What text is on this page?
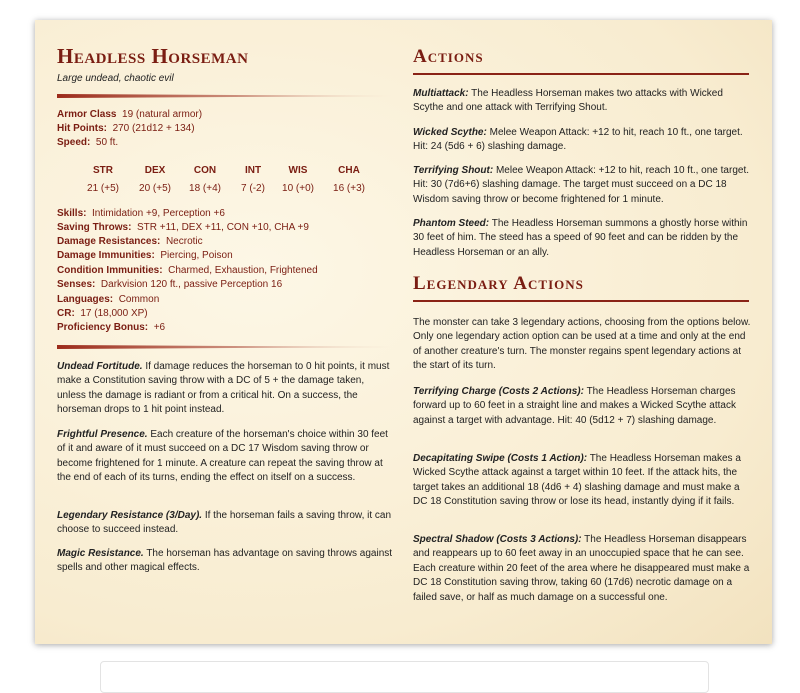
Headless Horseman

Large undead, chaotic evil

Armor Class 19 (natural armor)

Hit Points: 270 (21d12 + 134)

Speed: 50 ft.

STR	DEX	CON	INT	WIS	CHA
21 (+5)	20 (+5)	18 (+4)	7 (-2)	10 (+0)	16 (+3)

Skills: Intimidation +9, Perception +6

Saving Throws: STR +11, DEX +11, CON +10, CHA +9

Damage Resistances: Necrotic

Damage Immunities: Piercing, Poison

Condition Immunities: Charmed, Exhaustion, Frightened

Senses: Darkvision 120 ft., passive Perception 16

Languages: Common

CR: 17 (18,000 XP)

Proficiency Bonus: +6

Undead Fortitude. If damage reduces the horseman to 0 hit points, it must make a Constitution saving throw with a DC of 5 + the damage taken, unless the damage is radiant or from a critical hit. On a success, the horseman drops to 1 hit point instead.

Frightful Presence. Each creature of the horseman's choice within 30 feet of it and aware of it must succeed on a DC 17 Wisdom saving throw or become frightened for 1 minute. A creature can repeat the saving throw at the end of each of its turns, ending the effect on itself on a success.

Legendary Resistance (3/Day). If the horseman fails a saving throw, it can choose to succeed instead.

Magic Resistance. The horseman has advantage on saving throws against spells and other magical effects.

Actions

Multiattack: The Headless Horseman makes two attacks with Wicked Scythe and one attack with Terrifying Shout.

Wicked Scythe: Melee Weapon Attack: +12 to hit, reach 10 ft., one target. Hit: 24 (5d6 + 6) slashing damage.

Terrifying Shout: Melee Weapon Attack: +12 to hit, reach 10 ft., one target. Hit: 30 (7d6+6) slashing damage. The target must succeed on a DC 18 Wisdom saving throw or become frightened for 1 minute.

Phantom Steed: The Headless Horseman summons a ghostly horse within 30 feet of him. The steed has a speed of 90 feet and can be ridden by the Headless Horseman or an ally.

Legendary Actions

The monster can take 3 legendary actions, choosing from the options below. Only one legendary action option can be used at a time and only at the end of another creature's turn. The monster regains spent legendary actions at the start of its turn.

Terrifying Charge (Costs 2 Actions): The Headless Horseman charges forward up to 60 feet in a straight line and makes a Wicked Scythe attack against a target with advantage. Hit: 40 (5d12 + 7) slashing damage.

Decapitating Swipe (Costs 1 Action): The Headless Horseman makes a Wicked Scythe attack against a target within 10 feet. If the attack hits, the target takes an additional 18 (4d6 + 4) slashing damage and must make a DC 18 Constitution saving throw or lose its head, instantly dying if it fails.

Spectral Shadow (Costs 3 Actions): The Headless Horseman disappears and reappears up to 60 feet away in an unoccupied space that he can see. Each creature within 20 feet of the area where he disappeared must make a DC 18 Constitution saving throw, taking 60 (17d6) necrotic damage on a failed save, or half as much damage on a successful one.
